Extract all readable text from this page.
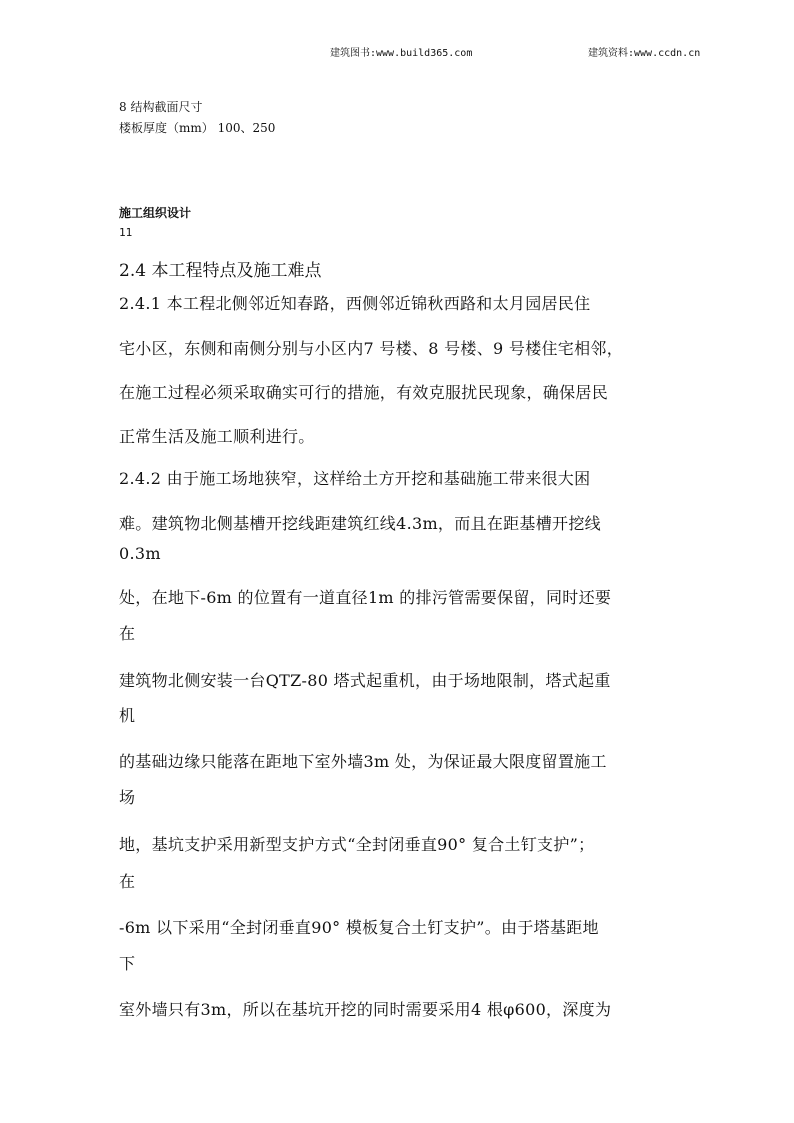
建筑图书:www.build365.com	建筑资料:www.ccdn.cn
8 结构截面尺寸
楼板厚度（mm） 100、250
施工组织设计
11
2.4 本工程特点及施工难点
2.4.1 本工程北侧邻近知春路，西侧邻近锦秋西路和太月园居民住
宅小区，东侧和南侧分别与小区内7 号楼、8 号楼、9 号楼住宅相邻，
在施工过程必须采取确实可行的措施，有效克服扰民现象，确保居民
正常生活及施工顺利进行。
2.4.2 由于施工场地狭窄，这样给土方开挖和基础施工带来很大困
难。建筑物北侧基槽开挖线距建筑红线4.3m，而且在距基槽开挖线
0.3m
处，在地下-6m 的位置有一道直径1m 的排污管需要保留，同时还要
在
建筑物北侧安装一台QTZ-80 塔式起重机，由于场地限制，塔式起重
机
的基础边缘只能落在距地下室外墙3m 处，为保证最大限度留置施工
场
地，基坑支护采用新型支护方式“全封闭垂直90° 复合土钉支护”；
在
-6m 以下采用“全封闭垂直90° 模板复合土钉支护”。由于塔基距地
下
室外墙只有3m，所以在基坑开挖的同时需要采用4 根φ600，深度为
